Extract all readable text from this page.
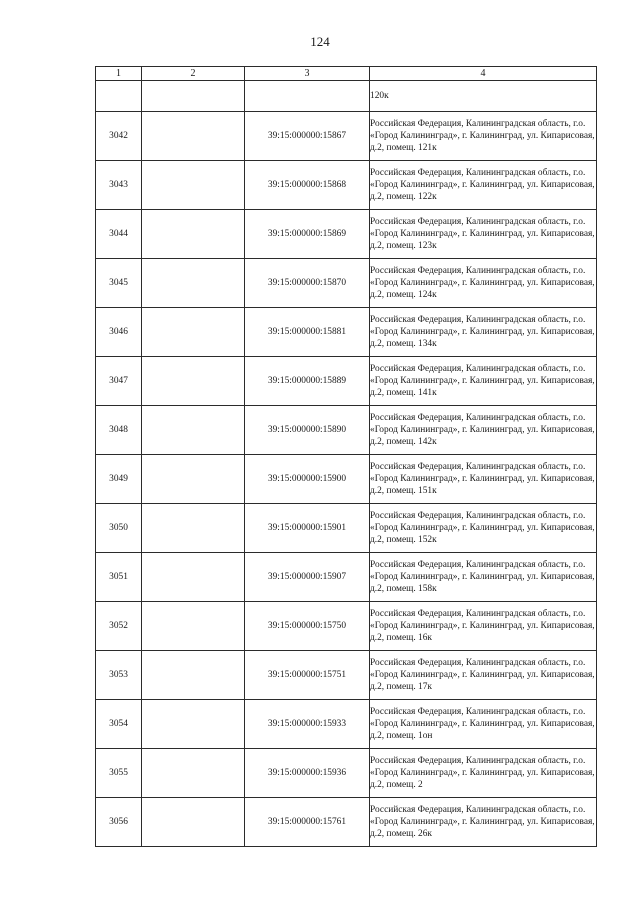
124
1	2	3	4
			120к
3042		39:15:000000:15867	Российская Федерация, Калининградская область, г.о. «Город Калининград», г. Калининград, ул. Кипарисовая, д.2, помещ. 121к
3043		39:15:000000:15868	Российская Федерация, Калининградская область, г.о. «Город Калининград», г. Калининград, ул. Кипарисовая, д.2, помещ. 122к
3044		39:15:000000:15869	Российская Федерация, Калининградская область, г.о. «Город Калининград», г. Калининград, ул. Кипарисовая, д.2, помещ. 123к
3045		39:15:000000:15870	Российская Федерация, Калининградская область, г.о. «Город Калининград», г. Калининград, ул. Кипарисовая, д.2, помещ. 124к
3046		39:15:000000:15881	Российская Федерация, Калининградская область, г.о. «Город Калининград», г. Калининград, ул. Кипарисовая, д.2, помещ. 134к
3047		39:15:000000:15889	Российская Федерация, Калининградская область, г.о. «Город Калининград», г. Калининград, ул. Кипарисовая, д.2, помещ. 141к
3048		39:15:000000:15890	Российская Федерация, Калининградская область, г.о. «Город Калининград», г. Калининград, ул. Кипарисовая, д.2, помещ. 142к
3049		39:15:000000:15900	Российская Федерация, Калининградская область, г.о. «Город Калининград», г. Калининград, ул. Кипарисовая, д.2, помещ. 151к
3050		39:15:000000:15901	Российская Федерация, Калининградская область, г.о. «Город Калининград», г. Калининград, ул. Кипарисовая, д.2, помещ. 152к
3051		39:15:000000:15907	Российская Федерация, Калининградская область, г.о. «Город Калининград», г. Калининград, ул. Кипарисовая, д.2, помещ. 158к
3052		39:15:000000:15750	Российская Федерация, Калининградская область, г.о. «Город Калининград», г. Калининград, ул. Кипарисовая, д.2, помещ. 16к
3053		39:15:000000:15751	Российская Федерация, Калининградская область, г.о. «Город Калининград», г. Калининград, ул. Кипарисовая, д.2, помещ. 17к
3054		39:15:000000:15933	Российская Федерация, Калининградская область, г.о. «Город Калининград», г. Калининград, ул. Кипарисовая, д.2, помещ. 1он
3055		39:15:000000:15936	Российская Федерация, Калининградская область, г.о. «Город Калининград», г. Калининград, ул. Кипарисовая, д.2, помещ. 2
3056		39:15:000000:15761	Российская Федерация, Калининградская область, г.о. «Город Калининград», г. Калининград, ул. Кипарисовая, д.2, помещ. 26к
